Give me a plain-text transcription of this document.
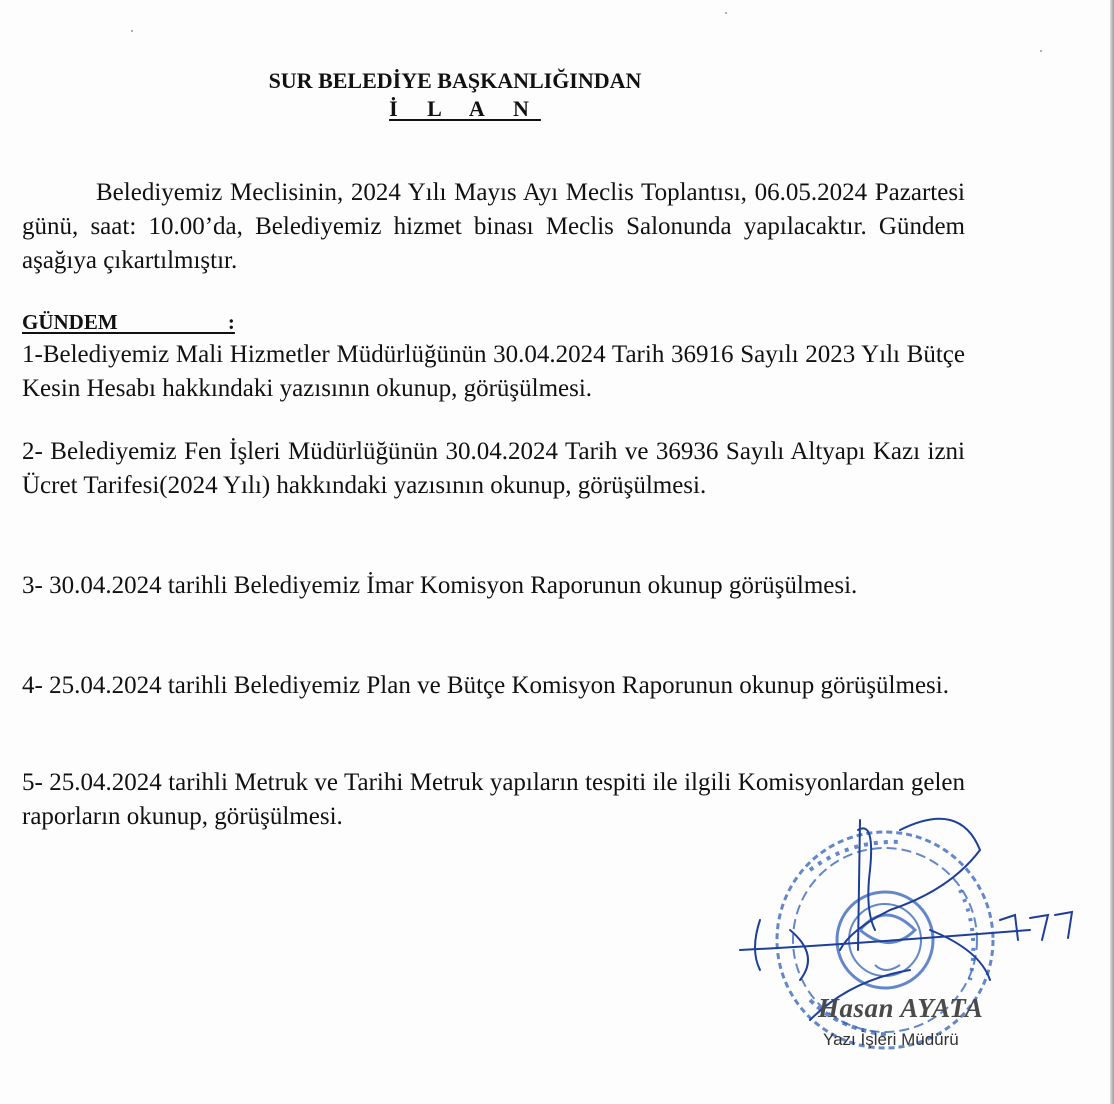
SUR BELEDİYE BAŞKANLIĞINDAN
İ L A N

Belediyemiz Meclisinin, 2024 Yılı Mayıs Ayı Meclis Toplantısı, 06.05.2024 Pazartesi günü, saat: 10.00’da, Belediyemiz hizmet binası Meclis Salonunda yapılacaktır. Gündem aşağıya çıkartılmıştır.

GÜNDEM                     :

1-Belediyemiz Mali Hizmetler Müdürlüğünün 30.04.2024 Tarih 36916 Sayılı 2023 Yılı Bütçe Kesin Hesabı hakkındaki yazısının okunup, görüşülmesi.

2- Belediyemiz Fen İşleri Müdürlüğünün 30.04.2024 Tarih ve 36936 Sayılı Altyapı Kazı izni Ücret Tarifesi(2024 Yılı) hakkındaki yazısının okunup, görüşülmesi.

3- 30.04.2024 tarihli Belediyemiz İmar Komisyon Raporunun okunup görüşülmesi.

4- 25.04.2024 tarihli Belediyemiz Plan ve Bütçe Komisyon Raporunun okunup görüşülmesi.

5- 25.04.2024 tarihli Metruk ve Tarihi Metruk yapıların tespiti ile ilgili Komisyonlardan gelen raporların okunup, görüşülmesi.

Hasan AYATA
Yazı İşleri Müdürü
